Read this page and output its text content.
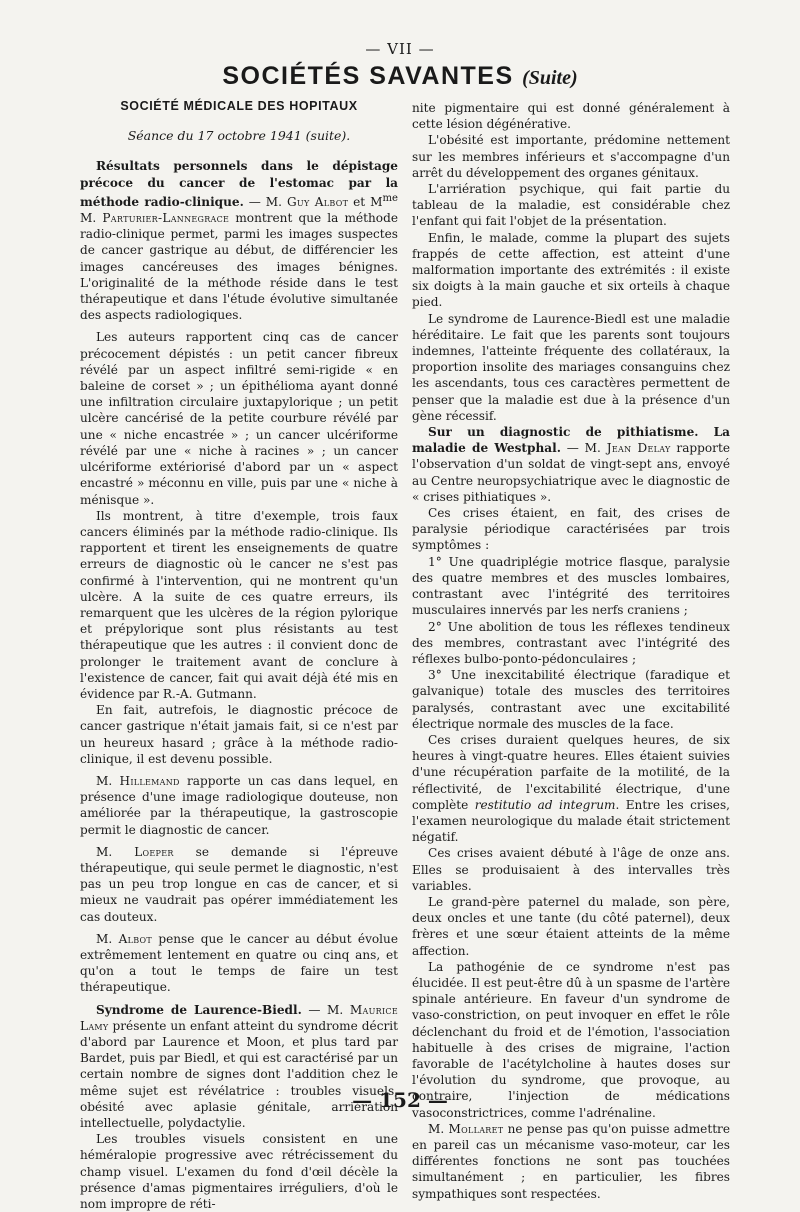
— VII —
SOCIÉTÉS SAVANTES (Suite)
SOCIÉTÉ MÉDICALE DES HOPITAUX
Séance du 17 octobre 1941 (suite).

Résultats personnels dans le dépistage précoce du cancer de l'estomac par la méthode radio-clinique. — M. Guy Albot et $M^{me}$ M. Parturier-Lannegrace montrent que la méthode radio-clinique permet, parmi les images suspectes de cancer gastrique au début, de différencier les images cancéreuses des images bénignes. L'originalité de la méthode réside dans le test thérapeutique et dans l'étude évolutive simultanée des aspects radiologiques.

Les auteurs rapportent cinq cas de cancer précocement dépistés : un petit cancer fibreux révélé par un aspect infiltré semi-rigide « en baleine de corset » ; un épithélioma ayant donné une infiltration circulaire juxtapylorique ; un petit ulcère cancérisé de la petite courbure révélé par une « niche encastrée » ; un cancer ulcériforme révélé par une « niche à racines » ; un cancer ulcériforme extériorisé d'abord par un « aspect encastré » méconnu en ville, puis par une « niche à ménisque ».

Ils montrent, à titre d'exemple, trois faux cancers éliminés par la méthode radio-clinique. Ils rapportent et tirent les enseignements de quatre erreurs de diagnostic où le cancer ne s'est pas confirmé à l'intervention, qui ne montrent qu'un ulcère. A la suite de ces quatre erreurs, ils remarquent que les ulcères de la région pylorique et prépylorique sont plus résistants au test thérapeutique que les autres : il convient donc de prolonger le traitement avant de conclure à l'existence de cancer, fait qui avait déjà été mis en évidence par R.-A. Gutmann.

En fait, autrefois, le diagnostic précoce de cancer gastrique n'était jamais fait, si ce n'est par un heureux hasard ; grâce à la méthode radio-clinique, il est devenu possible.

M. Hillemand rapporte un cas dans lequel, en présence d'une image radiologique douteuse, non améliorée par la thérapeutique, la gastroscopie permit le diagnostic de cancer.

M. Loeper se demande si l'épreuve thérapeutique, qui seule permet le diagnostic, n'est pas un peu trop longue en cas de cancer, et si mieux ne vaudrait pas opérer immédiatement les cas douteux.

M. Albot pense que le cancer au début évolue extrêmement lentement en quatre ou cinq ans, et qu'on a tout le temps de faire un test thérapeutique.

Syndrome de Laurence-Biedl. — M. Maurice Lamy présente un enfant atteint du syndrome décrit d'abord par Laurence et Moon, et plus tard par Bardet, puis par Biedl, et qui est caractérisé par un certain nombre de signes dont l'addition chez le même sujet est révélatrice : troubles visuels, obésité avec aplasie génitale, arriération intellectuelle, polydactylie.

Les troubles visuels consistent en une héméralopie progressive avec rétrécissement du champ visuel. L'examen du fond d'œil décèle la présence d'amas pigmentaires irréguliers, d'où le nom impropre de réti-

nite pigmentaire qui est donné généralement à cette lésion dégénérative.

L'obésité est importante, prédomine nettement sur les membres inférieurs et s'accompagne d'un arrêt du développement des organes génitaux.

L'arriération psychique, qui fait partie du tableau de la maladie, est considérable chez l'enfant qui fait l'objet de la présentation.

Enfin, le malade, comme la plupart des sujets frappés de cette affection, est atteint d'une malformation importante des extrémités : il existe six doigts à la main gauche et six orteils à chaque pied.

Le syndrome de Laurence-Biedl est une maladie héréditaire. Le fait que les parents sont toujours indemnes, l'atteinte fréquente des collatéraux, la proportion insolite des mariages consanguins chez les ascendants, tous ces caractères permettent de penser que la maladie est due à la présence d'un gène récessif.

Sur un diagnostic de pithiatisme. La maladie de Westphal. — M. Jean Delay rapporte l'observation d'un soldat de vingt-sept ans, envoyé au Centre neuropsychiatrique avec le diagnostic de « crises pithiatiques ».

Ces crises étaient, en fait, des crises de paralysie périodique caractérisées par trois symptômes :

1° Une quadriplégie motrice flasque, paralysie des quatre membres et des muscles lombaires, contrastant avec l'intégrité des territoires musculaires innervés par les nerfs craniens ;

2° Une abolition de tous les réflexes tendineux des membres, contrastant avec l'intégrité des réflexes bulbo-ponto-pédonculaires ;

3° Une inexcitabilité électrique (faradique et galvanique) totale des muscles des territoires paralysés, contrastant avec une excitabilité électrique normale des muscles de la face.

Ces crises duraient quelques heures, de six heures à vingt-quatre heures. Elles étaient suivies d'une récupération parfaite de la motilité, de la réflectivité, de l'excitabilité électrique, d'une complète restitutio ad integrum. Entre les crises, l'examen neurologique du malade était strictement négatif.

Ces crises avaient débuté à l'âge de onze ans. Elles se produisaient à des intervalles très variables.

Le grand-père paternel du malade, son père, deux oncles et une tante (du côté paternel), deux frères et une sœur étaient atteints de la même affection.

La pathogénie de ce syndrome n'est pas élucidée. Il est peut-être dû à un spasme de l'artère spinale antérieure. En faveur d'un syndrome de vaso-constriction, on peut invoquer en effet le rôle déclenchant du froid et de l'émotion, l'association habituelle à des crises de migraine, l'action favorable de l'acétylcholine à hautes doses sur l'évolution du syndrome, que provoque, au contraire, l'injection de médications vasoconstrictrices, comme l'adrénaline.

M. Mollaret ne pense pas qu'on puisse admettre en pareil cas un mécanisme vaso-moteur, car les différentes fonctions ne sont pas touchées simultanément ; en particulier, les fibres sympathiques sont respectées.

— 152 —
